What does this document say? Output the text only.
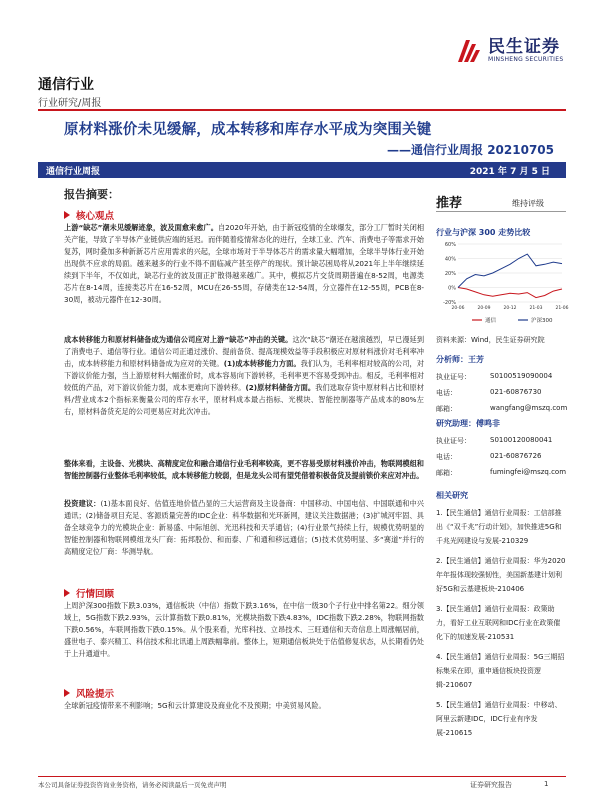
民生证券
MINSHENG SECURITIES
通信行业
行业研究/周报
原材料涨价未见缓解，成本转移和库存水平成为突围关键
——通信行业周报 20210705
通信行业周报	2021 年 7 月 5 日
报告摘要：
核心观点
上游“缺芯”潮未见缓解迹象，波及面愈来愈广。自2020年开始，由于新冠疫情的全球爆发，部分工厂暂时关闭相关产能，导致了半导体产业链供应端的延迟。而伴随着疫情常态化的进行，全球工业、汽车、消费电子等需求开始复苏，网时叠加多种新新芯片应用需求的兴起，全球市场对于半导体芯片的需求量大幅增加，全球半导体行业开始出现供不应求的局面。越来越多的行业不得不面临减产甚至停产的现状。预计缺芯困局将从2021年上半年继续延续到下半年，不仅如此，缺芯行业的波及面正扩散得越来越广。其中，模拟芯片交货周期普遍在8-52周，电源类芯片在8-14周，连接类芯片在16-52周，MCU在26-55周，存储类在12-54周，分立器件在12-55周，PCB在8-30周，被动元器件在12-30周。
成本转移能力和原材料储备成为通信公司应对上游“缺芯”冲击的关键。这次“缺芯”潮还在越演越烈，早已漫延到了消费电子、通信等行业。通信公司正通过涨价、提前备货、提高现模效益等手段积极应对原材料涨价对毛利率冲击，成本转移能力和原材料储备成为应对的关键。(1)成本转移能力方面。我们认为，毛利率相对较高的公司，对下游议价能力强，当上游原材料大幅涨价时，成本容易向下游转移，毛利率更不容易受到冲击。相反，毛利率相对较低的产品，对下游议价能力弱，成本更难向下游转移。(2)原材料储备方面。我们选取存货中原材料占比和原材料/营业成本2个指标来衡量公司的库存水平，原材料成本最占指标、光模块、智能控制器等产品成本的80%左右，原材料备货充足的公司更易应对此次冲击。
整体来看，主设备、光模块、高精度定位和融合通信行业毛利率较高，更不容易受原材料涨价冲击，物联网模组和智能控制器行业整体毛利率较低，成本转移能力较弱，但是龙头公司有望凭借着积极备货及提前锁价来应对冲击。
投资建议：(1)基本面良好、估值连地价值凸显的三大运营商及主设备商：中国移动、中国电信、中国联通和中兴通讯；(2)储备项目充足、客源质量完善的IDC企业：科华数据和光环新网，建议关注数据港；(3)扩城河牢固、具备全球竞争力的光模块企业：新易盛、中际旭创、光迅科技和天孚通信；(4)行业景气持续上行，规模优势明显的智能控制器和物联网模组龙头厂商：拓邦股份、和而泰、广和通和移远通信；(5)技术优势明显、多“赛道”并行的高精度定位厂商：华测导航。
行情回顾
上周沪深300指数下跌3.03%，通信板块（中信）指数下跌3.16%，在中信一级30个子行业中排名第22。细分领域上，5G指数下跌2.93%，云计算指数下跌0.81%，光模块指数下跌4.83%，IDC指数下跌2.28%，物联网指数下跌0.56%，车联网指数下跌0.15%。从个股来看，光库科技、立昂技术、三旺通信和天奇信息上周涨幅居前，盛世电子、泰兴精工、科信技术和北讯通上周跌幅靠前。整体上，短期通信板块处于估值修复状态，从长期看仍处于上升通道中。
风险提示
全球新冠疫情带来不利影响；5G和云计算建设及商业化不及预期；中美贸易风险。
推荐	维持评级
行业与沪深 300 走势比较
-20%
0%
20%
40%
60%
20-06	20-09	20-12	21-03	21-06
通信	沪深300
资料来源：Wind，民生证券研究院
分析师：王芳
执业证号：	S0100519090004
电话：	021-60876730
邮箱：	wangfang@mszq.com
研究助理：傅鸣非
执业证号：	S0100120080041
电话：	021-60876726
邮箱：	fumingfei@mszq.com
相关研究
1.【民生通信】通信行业周报：工信部推出《“双千兆”行动计划》，加快推进5G和千兆光网建设与发展-210329
2.【民生通信】通信行业周报：华为2020年年报体现较强韧性，美国新基建计划利好5G和云基建板块-210406
3.【民生通信】通信行业周报：政策助力，看好工业互联网和IDC行业在政策催化下的加速发展-210531
4.【民生通信】通信行业周报：5G三期招标集采在即，重申通信板块投资逻辑-210607
5.【民生通信】通信行业周报：中移动、阿里云新建IDC，IDC行业有序发展-210615
本公司具备证券投资咨询业务资格，请务必阅读最后一页免责声明	证券研究报告	1
